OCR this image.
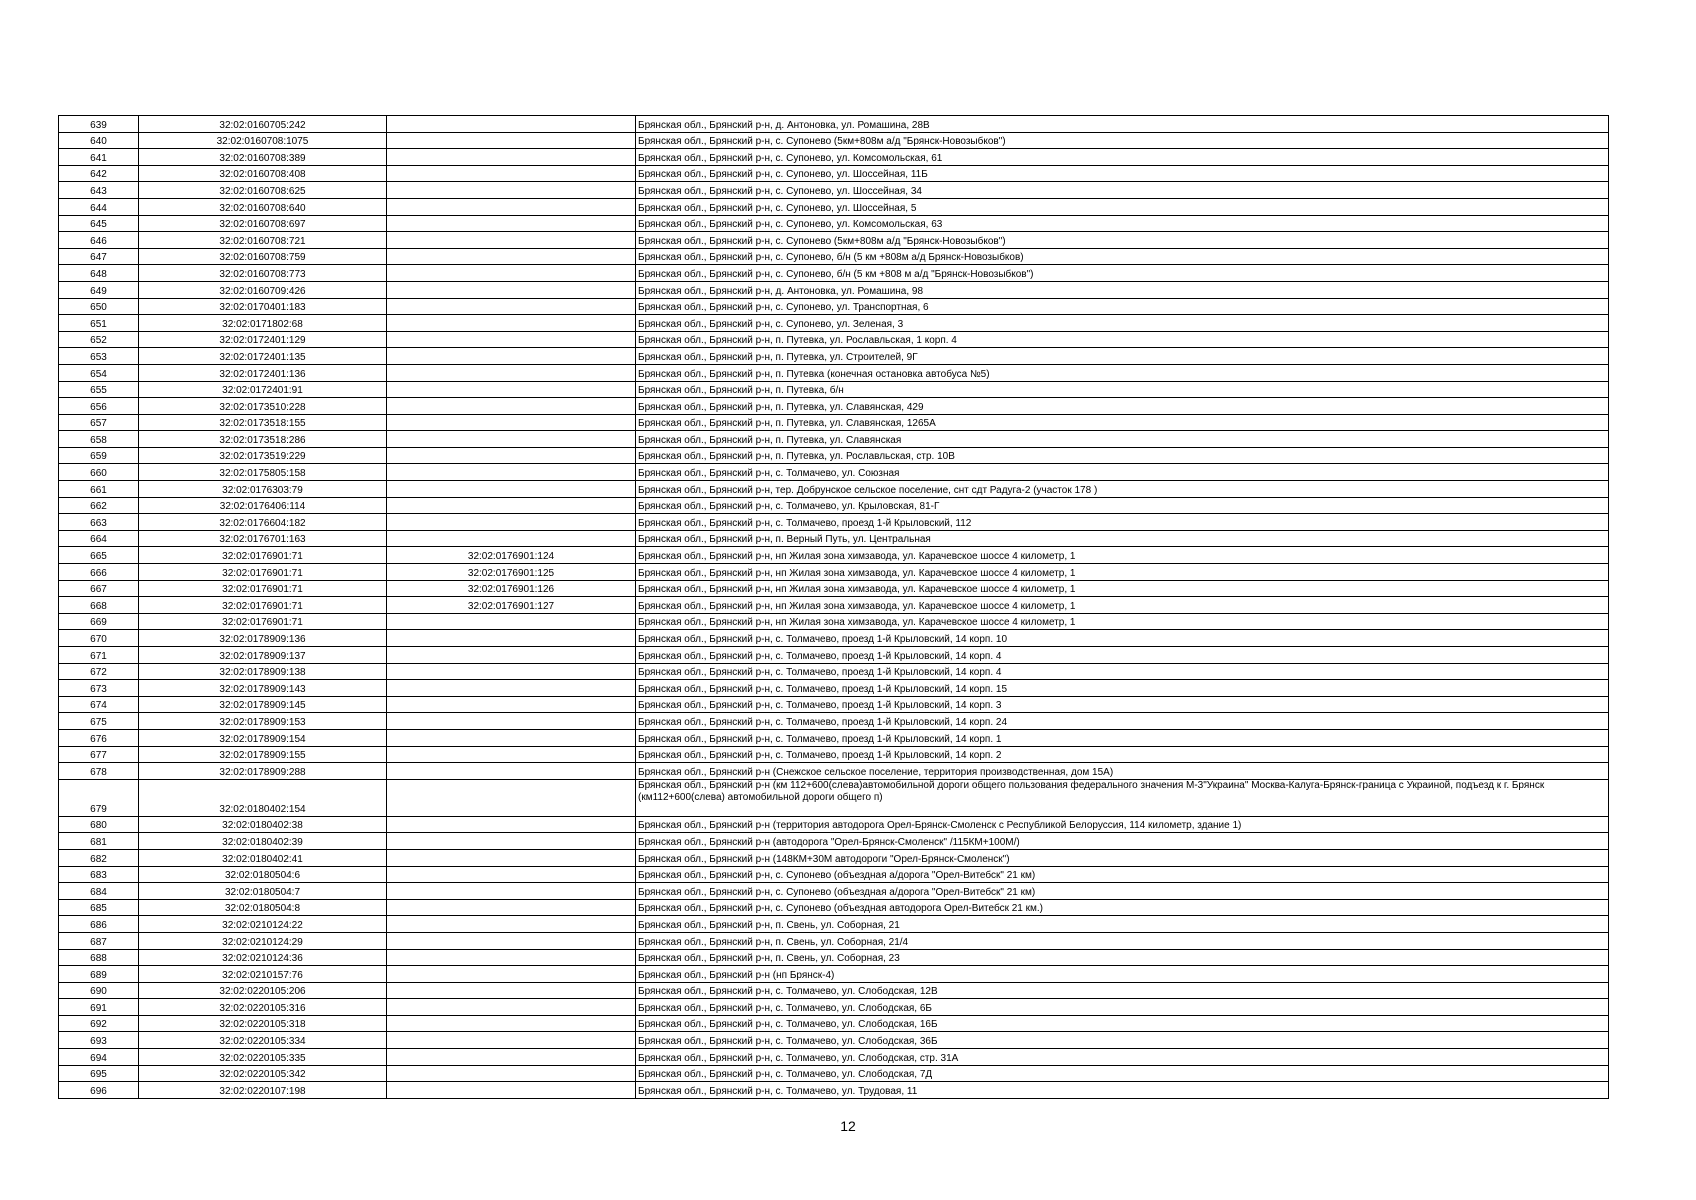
639	32:02:0160705:242		Брянская обл., Брянский р-н, д. Антоновка, ул. Ромашина, 28В
640	32:02:0160708:1075		Брянская обл., Брянский р-н, с. Супонево (5км+808м а/д "Брянск-Новозыбков")
641	32:02:0160708:389		Брянская обл., Брянский р-н, с. Супонево, ул. Комсомольская, 61
642	32:02:0160708:408		Брянская обл., Брянский р-н, с. Супонево, ул. Шоссейная, 11Б
643	32:02:0160708:625		Брянская обл., Брянский р-н, с. Супонево, ул. Шоссейная, 34
644	32:02:0160708:640		Брянская обл., Брянский р-н, с. Супонево, ул. Шоссейная, 5
645	32:02:0160708:697		Брянская обл., Брянский р-н, с. Супонево, ул. Комсомольская, 63
646	32:02:0160708:721		Брянская обл., Брянский р-н, с. Супонево (5км+808м а/д "Брянск-Новозыбков")
647	32:02:0160708:759		Брянская обл., Брянский р-н, с. Супонево, б/н (5 км +808м а/д Брянск-Новозыбков)
648	32:02:0160708:773		Брянская обл., Брянский р-н, с. Супонево, б/н (5 км +808 м а/д "Брянск-Новозыбков")
649	32:02:0160709:426		Брянская обл., Брянский р-н, д. Антоновка, ул. Ромашина, 98
650	32:02:0170401:183		Брянская обл., Брянский р-н, с. Супонево, ул. Транспортная, 6
651	32:02:0171802:68		Брянская обл., Брянский р-н, с. Супонево, ул. Зеленая, 3
652	32:02:0172401:129		Брянская обл., Брянский р-н, п. Путевка, ул. Рославльская, 1 корп. 4
653	32:02:0172401:135		Брянская обл., Брянский р-н, п. Путевка, ул. Строителей, 9Г
654	32:02:0172401:136		Брянская обл., Брянский р-н, п. Путевка (конечная остановка автобуса №5)
655	32:02:0172401:91		Брянская обл., Брянский р-н, п. Путевка, б/н
656	32:02:0173510:228		Брянская обл., Брянский р-н, п. Путевка, ул. Славянская, 429
657	32:02:0173518:155		Брянская обл., Брянский р-н, п. Путевка, ул. Славянская, 1265А
658	32:02:0173518:286		Брянская обл., Брянский р-н, п. Путевка, ул. Славянская
659	32:02:0173519:229		Брянская обл., Брянский р-н, п. Путевка, ул. Рославльская, стр. 10В
660	32:02:0175805:158		Брянская обл., Брянский р-н, с. Толмачево, ул. Союзная
661	32:02:0176303:79		Брянская обл., Брянский р-н, тер. Добрунское сельское поселение, снт сдт Радуга-2 (участок 178 )
662	32:02:0176406:114		Брянская обл., Брянский р-н, с. Толмачево, ул. Крыловская, 81-Г
663	32:02:0176604:182		Брянская обл., Брянский р-н, с. Толмачево, проезд 1-й Крыловский, 112
664	32:02:0176701:163		Брянская обл., Брянский р-н, п. Верный Путь, ул. Центральная
665	32:02:0176901:71	32:02:0176901:124	Брянская обл., Брянский р-н, нп Жилая зона химзавода, ул. Карачевское шоссе 4 километр, 1
666	32:02:0176901:71	32:02:0176901:125	Брянская обл., Брянский р-н, нп Жилая зона химзавода, ул. Карачевское шоссе 4 километр, 1
667	32:02:0176901:71	32:02:0176901:126	Брянская обл., Брянский р-н, нп Жилая зона химзавода, ул. Карачевское шоссе 4 километр, 1
668	32:02:0176901:71	32:02:0176901:127	Брянская обл., Брянский р-н, нп Жилая зона химзавода, ул. Карачевское шоссе 4 километр, 1
669	32:02:0176901:71		Брянская обл., Брянский р-н, нп Жилая зона химзавода, ул. Карачевское шоссе 4 километр, 1
670	32:02:0178909:136		Брянская обл., Брянский р-н, с. Толмачево, проезд 1-й Крыловский, 14 корп. 10
671	32:02:0178909:137		Брянская обл., Брянский р-н, с. Толмачево, проезд 1-й Крыловский, 14 корп. 4
672	32:02:0178909:138		Брянская обл., Брянский р-н, с. Толмачево, проезд 1-й Крыловский, 14 корп. 4
673	32:02:0178909:143		Брянская обл., Брянский р-н, с. Толмачево, проезд 1-й Крыловский, 14 корп. 15
674	32:02:0178909:145		Брянская обл., Брянский р-н, с. Толмачево, проезд 1-й Крыловский, 14 корп. 3
675	32:02:0178909:153		Брянская обл., Брянский р-н, с. Толмачево, проезд 1-й Крыловский, 14 корп. 24
676	32:02:0178909:154		Брянская обл., Брянский р-н, с. Толмачево, проезд 1-й Крыловский, 14 корп. 1
677	32:02:0178909:155		Брянская обл., Брянский р-н, с. Толмачево, проезд 1-й Крыловский, 14 корп. 2
678	32:02:0178909:288		Брянская обл., Брянский р-н (Снежское сельское поселение, территория производственная, дом 15А)
679	32:02:0180402:154		Брянская обл., Брянский р-н (км 112+600(слева)автомобильной дороги общего пользования федерального значения М-3"Украина" Москва-Калуга-Брянск-граница с Украиной, подъезд к г. Брянск (км112+600(слева) автомобильной дороги общего п)
680	32:02:0180402:38		Брянская обл., Брянский р-н (территория автодорога Орел-Брянск-Смоленск с Республикой Белоруссия, 114 километр, здание 1)
681	32:02:0180402:39		Брянская обл., Брянский р-н (автодорога "Орел-Брянск-Смоленск" /115КМ+100М/)
682	32:02:0180402:41		Брянская обл., Брянский р-н (148КМ+30М автодороги "Орел-Брянск-Смоленск")
683	32:02:0180504:6		Брянская обл., Брянский р-н, с. Супонево (объездная а/дорога "Орел-Витебск" 21 км)
684	32:02:0180504:7		Брянская обл., Брянский р-н, с. Супонево (объездная а/дорога "Орел-Витебск" 21 км)
685	32:02:0180504:8		Брянская обл., Брянский р-н, с. Супонево (объездная автодорога Орел-Витебск 21 км.)
686	32:02:0210124:22		Брянская обл., Брянский р-н, п. Свень, ул. Соборная, 21
687	32:02:0210124:29		Брянская обл., Брянский р-н, п. Свень, ул. Соборная, 21/4
688	32:02:0210124:36		Брянская обл., Брянский р-н, п. Свень, ул. Соборная, 23
689	32:02:0210157:76		Брянская обл., Брянский р-н (нп Брянск-4)
690	32:02:0220105:206		Брянская обл., Брянский р-н, с. Толмачево, ул. Слободская, 12В
691	32:02:0220105:316		Брянская обл., Брянский р-н, с. Толмачево, ул. Слободская, 6Б
692	32:02:0220105:318		Брянская обл., Брянский р-н, с. Толмачево, ул. Слободская, 16Б
693	32:02:0220105:334		Брянская обл., Брянский р-н, с. Толмачево, ул. Слободская, 36Б
694	32:02:0220105:335		Брянская обл., Брянский р-н, с. Толмачево, ул. Слободская, стр. 31А
695	32:02:0220105:342		Брянская обл., Брянский р-н, с. Толмачево, ул. Слободская, 7Д
696	32:02:0220107:198		Брянская обл., Брянский р-н, с. Толмачево, ул. Трудовая, 11
12
